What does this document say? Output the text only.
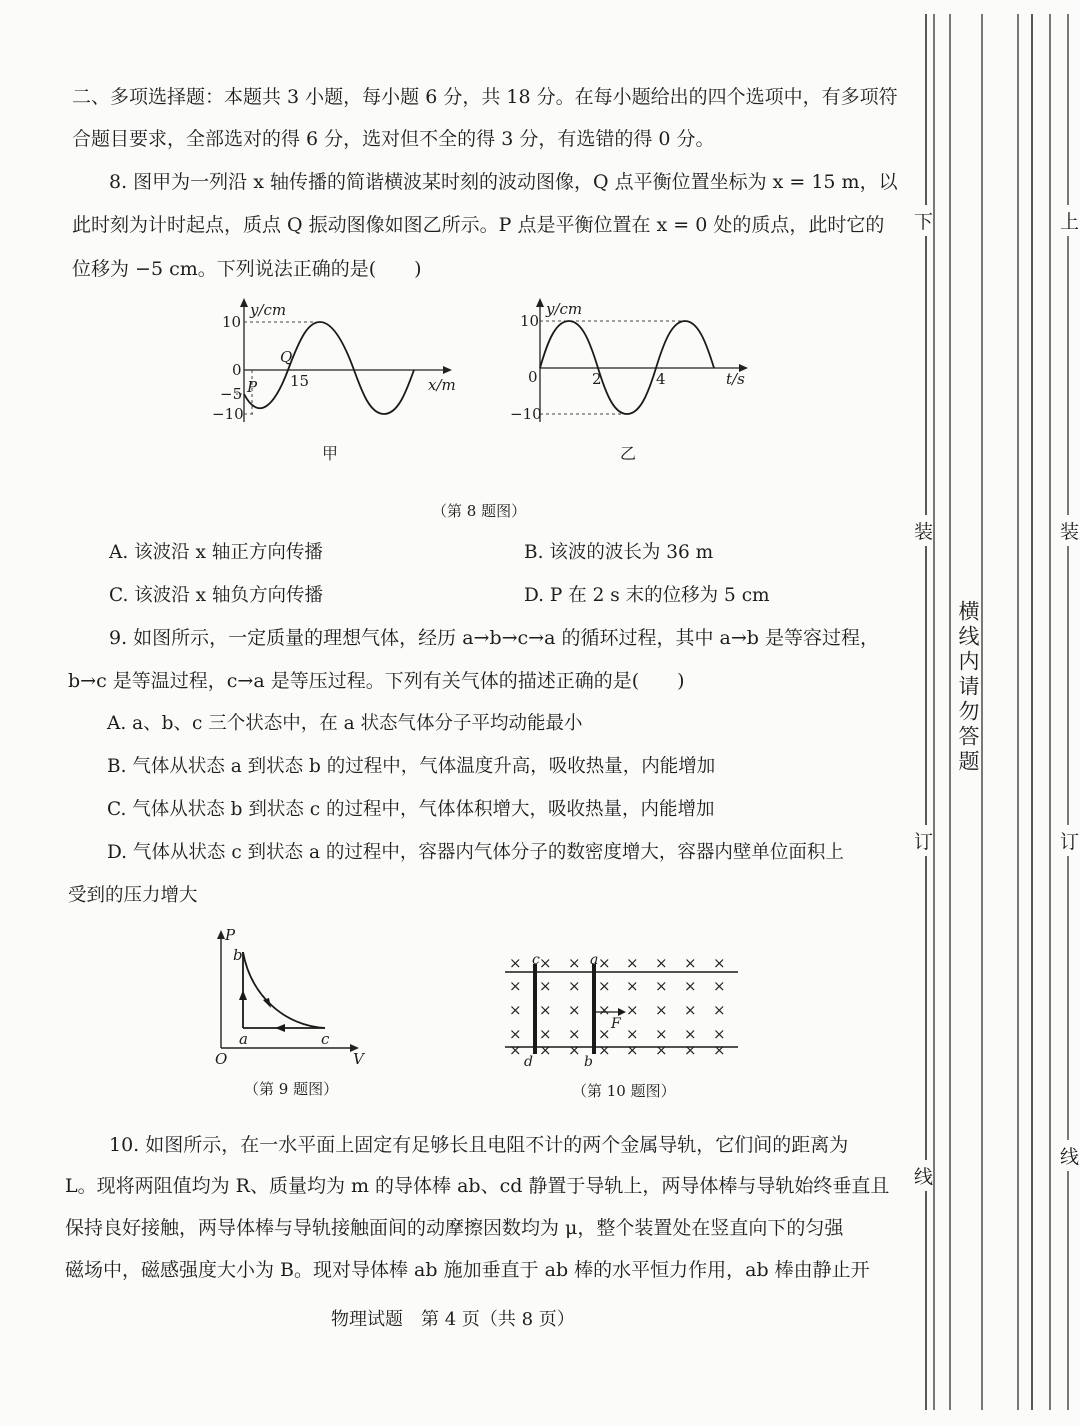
二、多项选择题：本题共 3 小题，每小题 6 分，共 18 分。在每小题给出的四个选项中，有多项符
合题目要求，全部选对的得 6 分，选对但不全的得 3 分，有选错的得 0 分。
8. 图甲为一列沿 x 轴传播的简谐横波某时刻的波动图像，Q 点平衡位置坐标为 x = 15 m，以
此时刻为计时起点，质点 Q 振动图像如图乙所示。P 点是平衡位置在 x = 0 处的质点，此时它的
位移为 −5 cm。下列说法正确的是(　　)
y/cm
x/m
10
0
−5
−10
15
P
Q
甲
y/cm
t/s
10
0
−10
2	4
乙
（第 8 题图）
A. 该波沿 x 轴正方向传播	B. 该波的波长为 36 m
C. 该波沿 x 轴负方向传播	D. P 在 2 s 末的位移为 5 cm
9. 如图所示，一定质量的理想气体，经历 a→b→c→a 的循环过程，其中 a→b 是等容过程，
b→c 是等温过程，c→a 是等压过程。下列有关气体的描述正确的是(　　)
A. a、b、c 三个状态中，在 a 状态气体分子平均动能最小
B. 气体从状态 a 到状态 b 的过程中，气体温度升高，吸收热量，内能增加
C. 气体从状态 b 到状态 c 的过程中，气体体积增大，吸收热量，内能增加
D. 气体从状态 c 到状态 a 的过程中，容器内气体分子的数密度增大，容器内壁单位面积上
受到的压力增大
P
V
O
b
a	c
（第 9 题图）
F
c	a
d	b
× × × × × × × ×
× × × × × × × ×
× × × × × × × ×
× × × × × × × ×
× × × × × × × ×
（第 10 题图）
10. 如图所示，在一水平面上固定有足够长且电阻不计的两个金属导轨，它们间的距离为
L。现将两阻值均为 R、质量均为 m 的导体棒 ab、cd 静置于导轨上，两导体棒与导轨始终垂直且
保持良好接触，两导体棒与导轨接触面间的动摩擦因数均为 μ，整个装置处在竖直向下的匀强
磁场中，磁感强度大小为 B。现对导体棒 ab 施加垂直于 ab 棒的水平恒力作用，ab 棒由静止开
物理试题　第 4 页（共 8 页）
横线内请勿答题
下
装
订
线
上
装
订
线
